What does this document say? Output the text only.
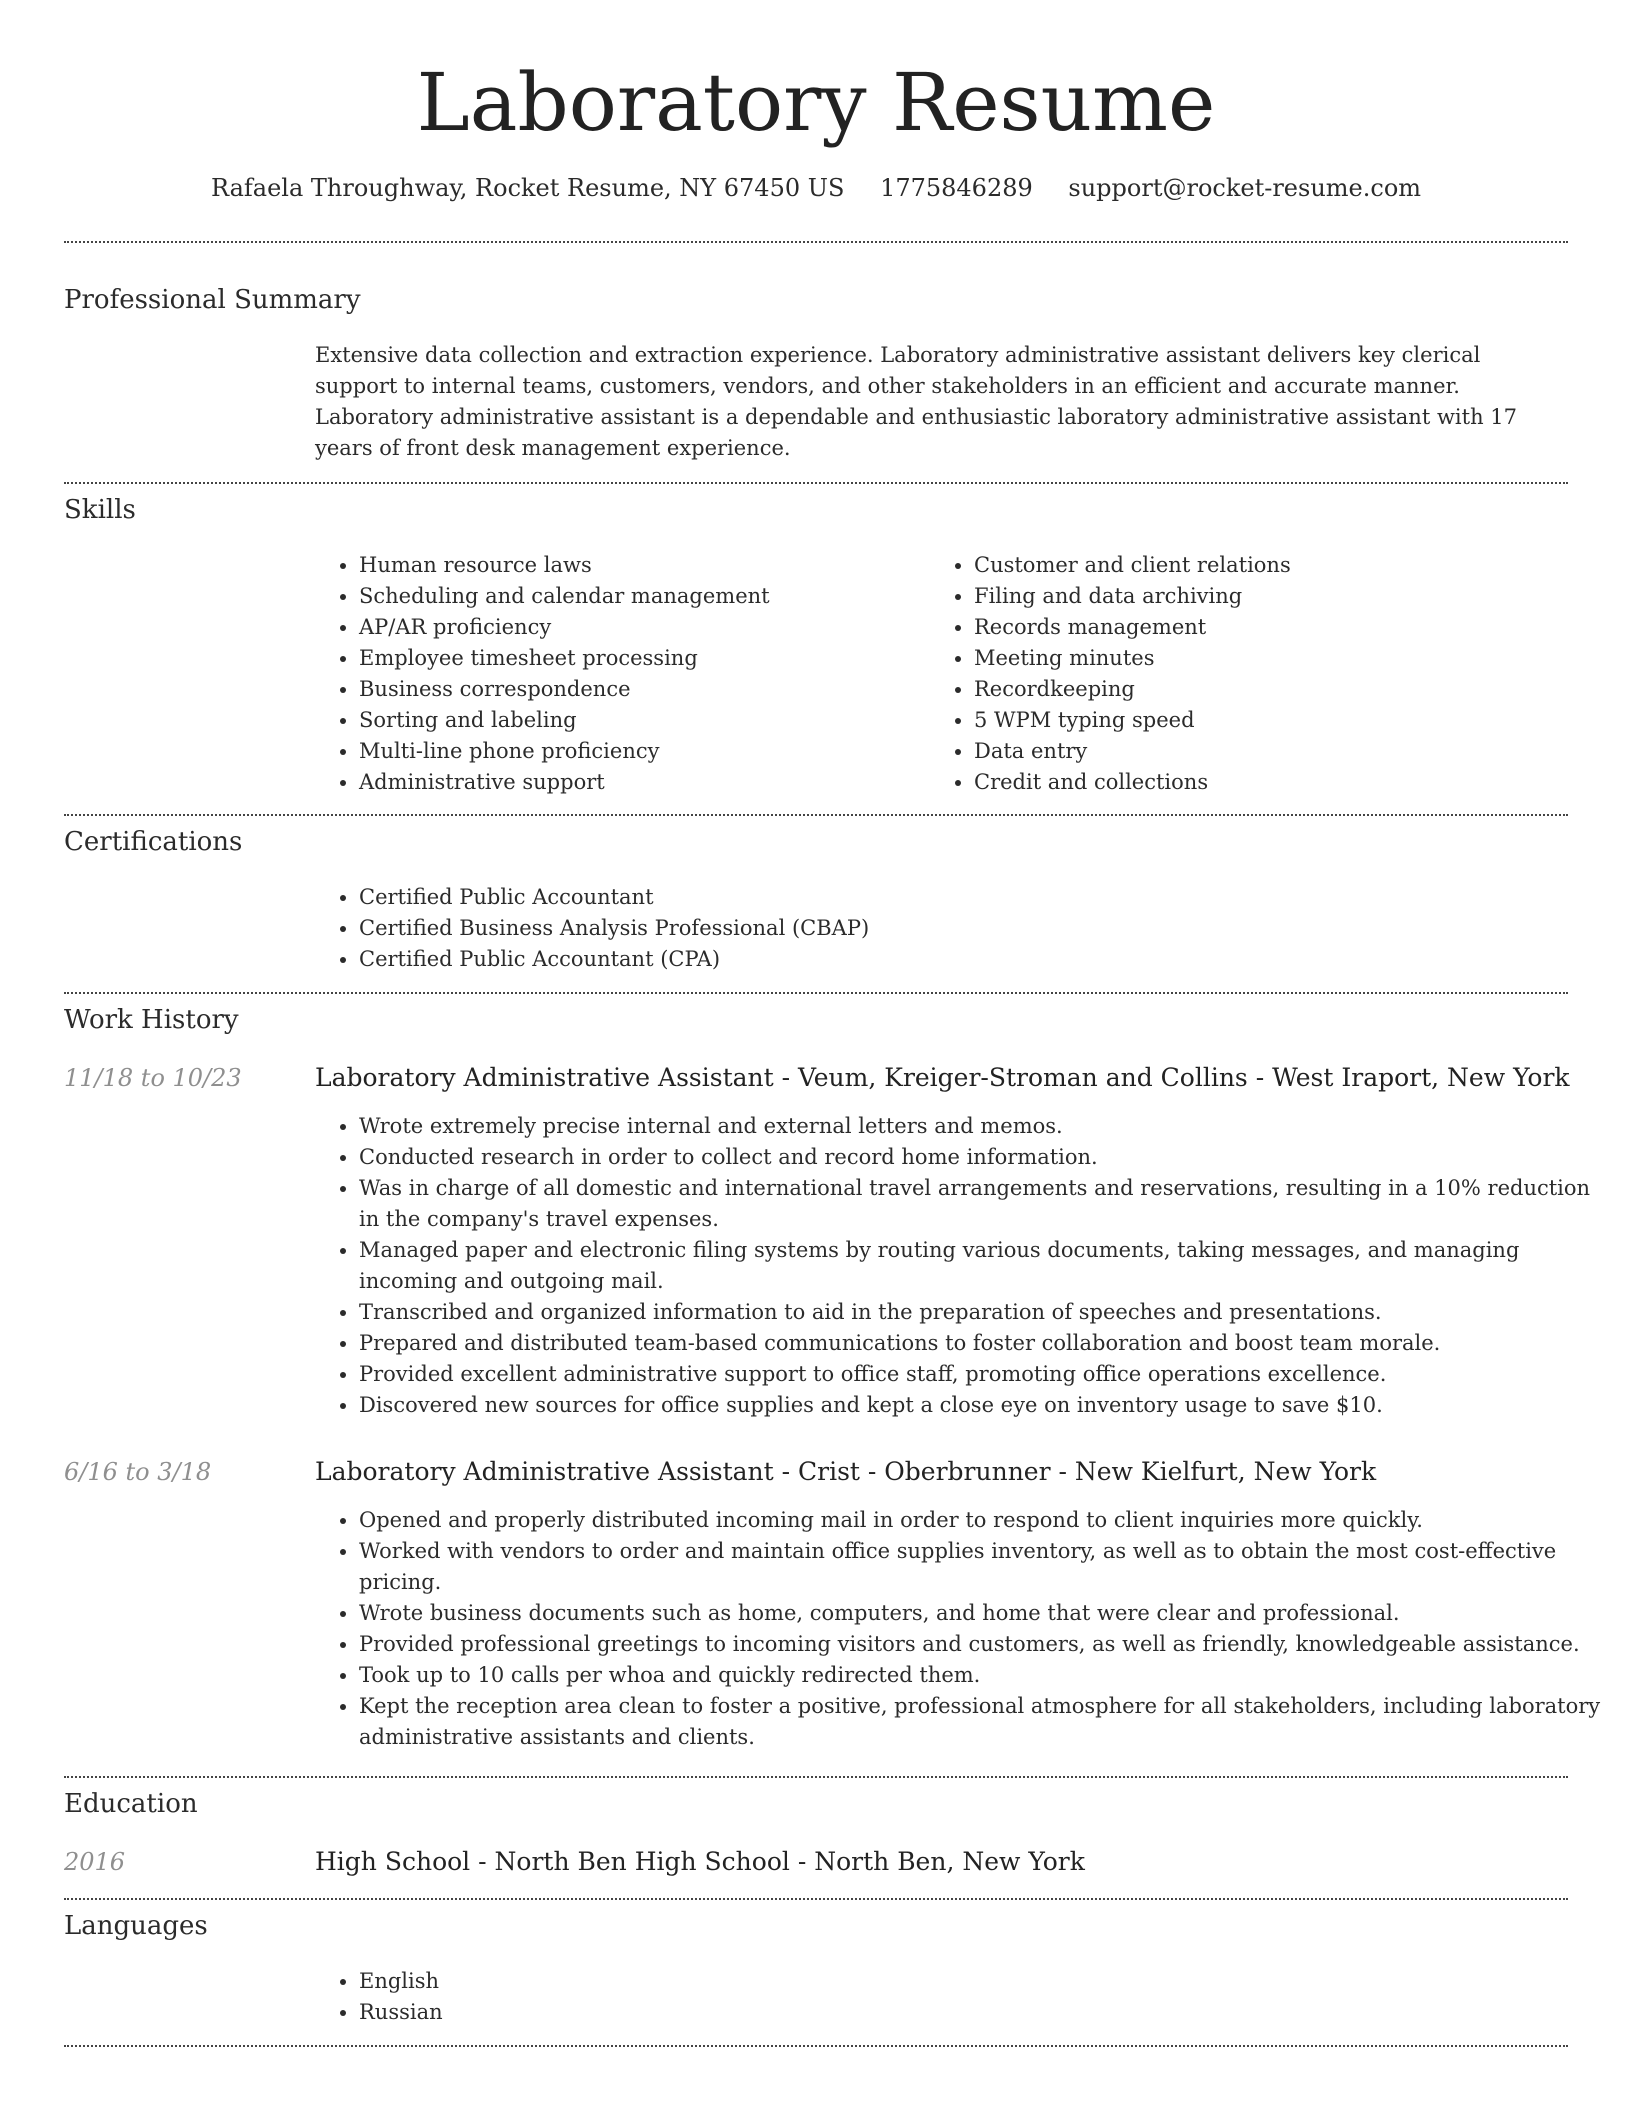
Laboratory Resume
Rafaela Throughway, Rocket Resume, NY 67450 US 1775846289 support@rocket-resume.com
Professional Summary

Extensive data collection and extraction experience. Laboratory administrative assistant delivers key clerical support to internal teams, customers, vendors, and other stakeholders in an efficient and accurate manner. Laboratory administrative assistant is a dependable and enthusiastic laboratory administrative assistant with 17 years of front desk management experience.

Skills
• Human resource laws
• Scheduling and calendar management
• AP/AR proficiency
• Employee timesheet processing
• Business correspondence
• Sorting and labeling
• Multi-line phone proficiency
• Administrative support
• Customer and client relations
• Filing and data archiving
• Records management
• Meeting minutes
• Recordkeeping
• 5 WPM typing speed
• Data entry
• Credit and collections
Certifications
• Certified Public Accountant
• Certified Business Analysis Professional (CBAP)
• Certified Public Accountant (CPA)
Work History
11/18 to 10/23	Laboratory Administrative Assistant - Veum, Kreiger-Stroman and Collins - West Iraport, New York
• Wrote extremely precise internal and external letters and memos.
• Conducted research in order to collect and record home information.
• Was in charge of all domestic and international travel arrangements and reservations, resulting in a 10% reduction in the company's travel expenses.
• Managed paper and electronic filing systems by routing various documents, taking messages, and managing incoming and outgoing mail.
• Transcribed and organized information to aid in the preparation of speeches and presentations.
• Prepared and distributed team-based communications to foster collaboration and boost team morale.
• Provided excellent administrative support to office staff, promoting office operations excellence.
• Discovered new sources for office supplies and kept a close eye on inventory usage to save $10.
6/16 to 3/18	Laboratory Administrative Assistant - Crist - Oberbrunner - New Kielfurt, New York
• Opened and properly distributed incoming mail in order to respond to client inquiries more quickly.
• Worked with vendors to order and maintain office supplies inventory, as well as to obtain the most cost-effective pricing.
• Wrote business documents such as home, computers, and home that were clear and professional.
• Provided professional greetings to incoming visitors and customers, as well as friendly, knowledgeable assistance.
• Took up to 10 calls per whoa and quickly redirected them.
• Kept the reception area clean to foster a positive, professional atmosphere for all stakeholders, including laboratory administrative assistants and clients.
Education
2016	High School - North Ben High School - North Ben, New York
Languages
• English
• Russian
